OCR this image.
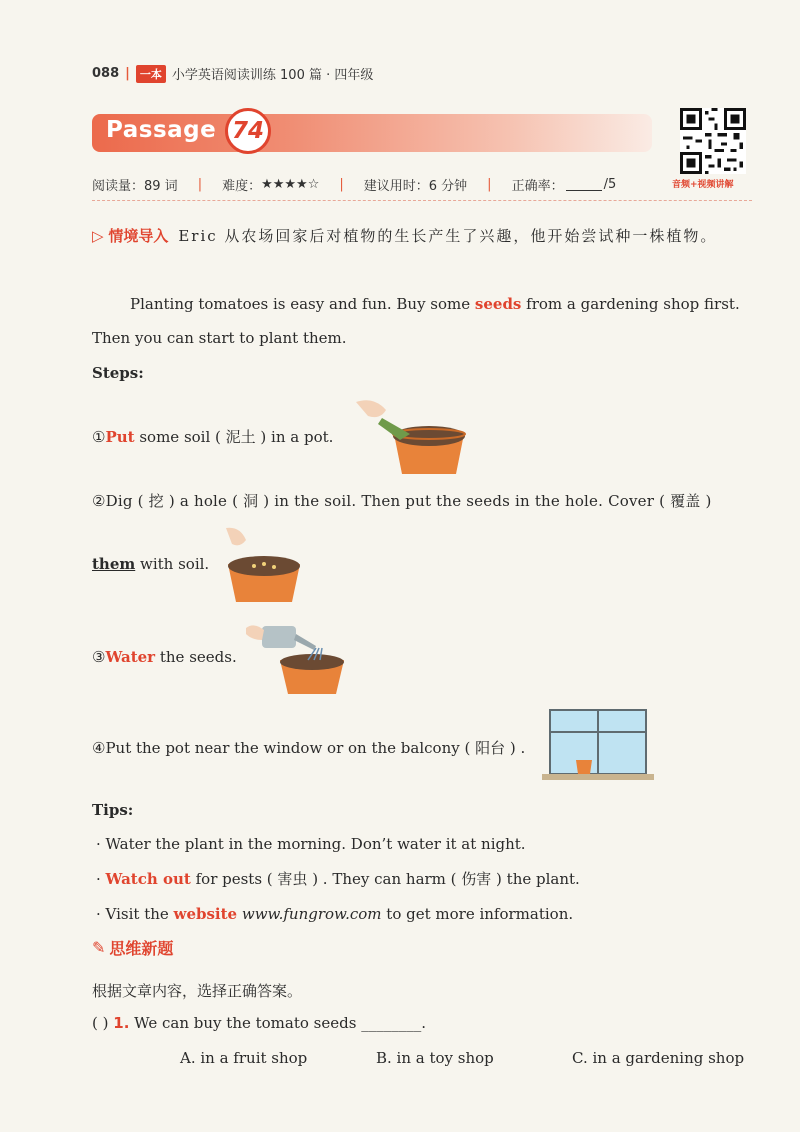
088 | 一本 小学英语阅读训练 100 篇 · 四年级
Passage 74
音频+视频讲解
阅读量：89 词 | 难度： ★★★★☆ | 建议用时：6 分钟 | 正确率：	/5
▷ 情境导入 Eric 从农场回家后对植物的生长产生了兴趣，他开始尝试种一株植物。
Planting tomatoes is easy and fun. Buy some seeds from a gardening shop first.
Then you can start to plant them.
Steps:
①Put some soil ( 泥土 ) in a pot.
②Dig ( 挖 ) a hole ( 洞 ) in the soil. Then put the seeds in the hole. Cover ( 覆盖 )
them with soil.
③Water the seeds.
④Put the pot near the window or on the balcony ( 阳台 ) .
Tips:
· Water the plant in the morning. Don’t water it at night.
· Watch out for pests ( 害虫 ) . They can harm ( 伤害 ) the plant.
· Visit the website www.fungrow.com to get more information.
✎ 思维新题
根据文章内容，选择正确答案。
( ) 1. We can buy the tomato seeds ________.
A. in a fruit shop	B. in a toy shop	C. in a gardening shop
